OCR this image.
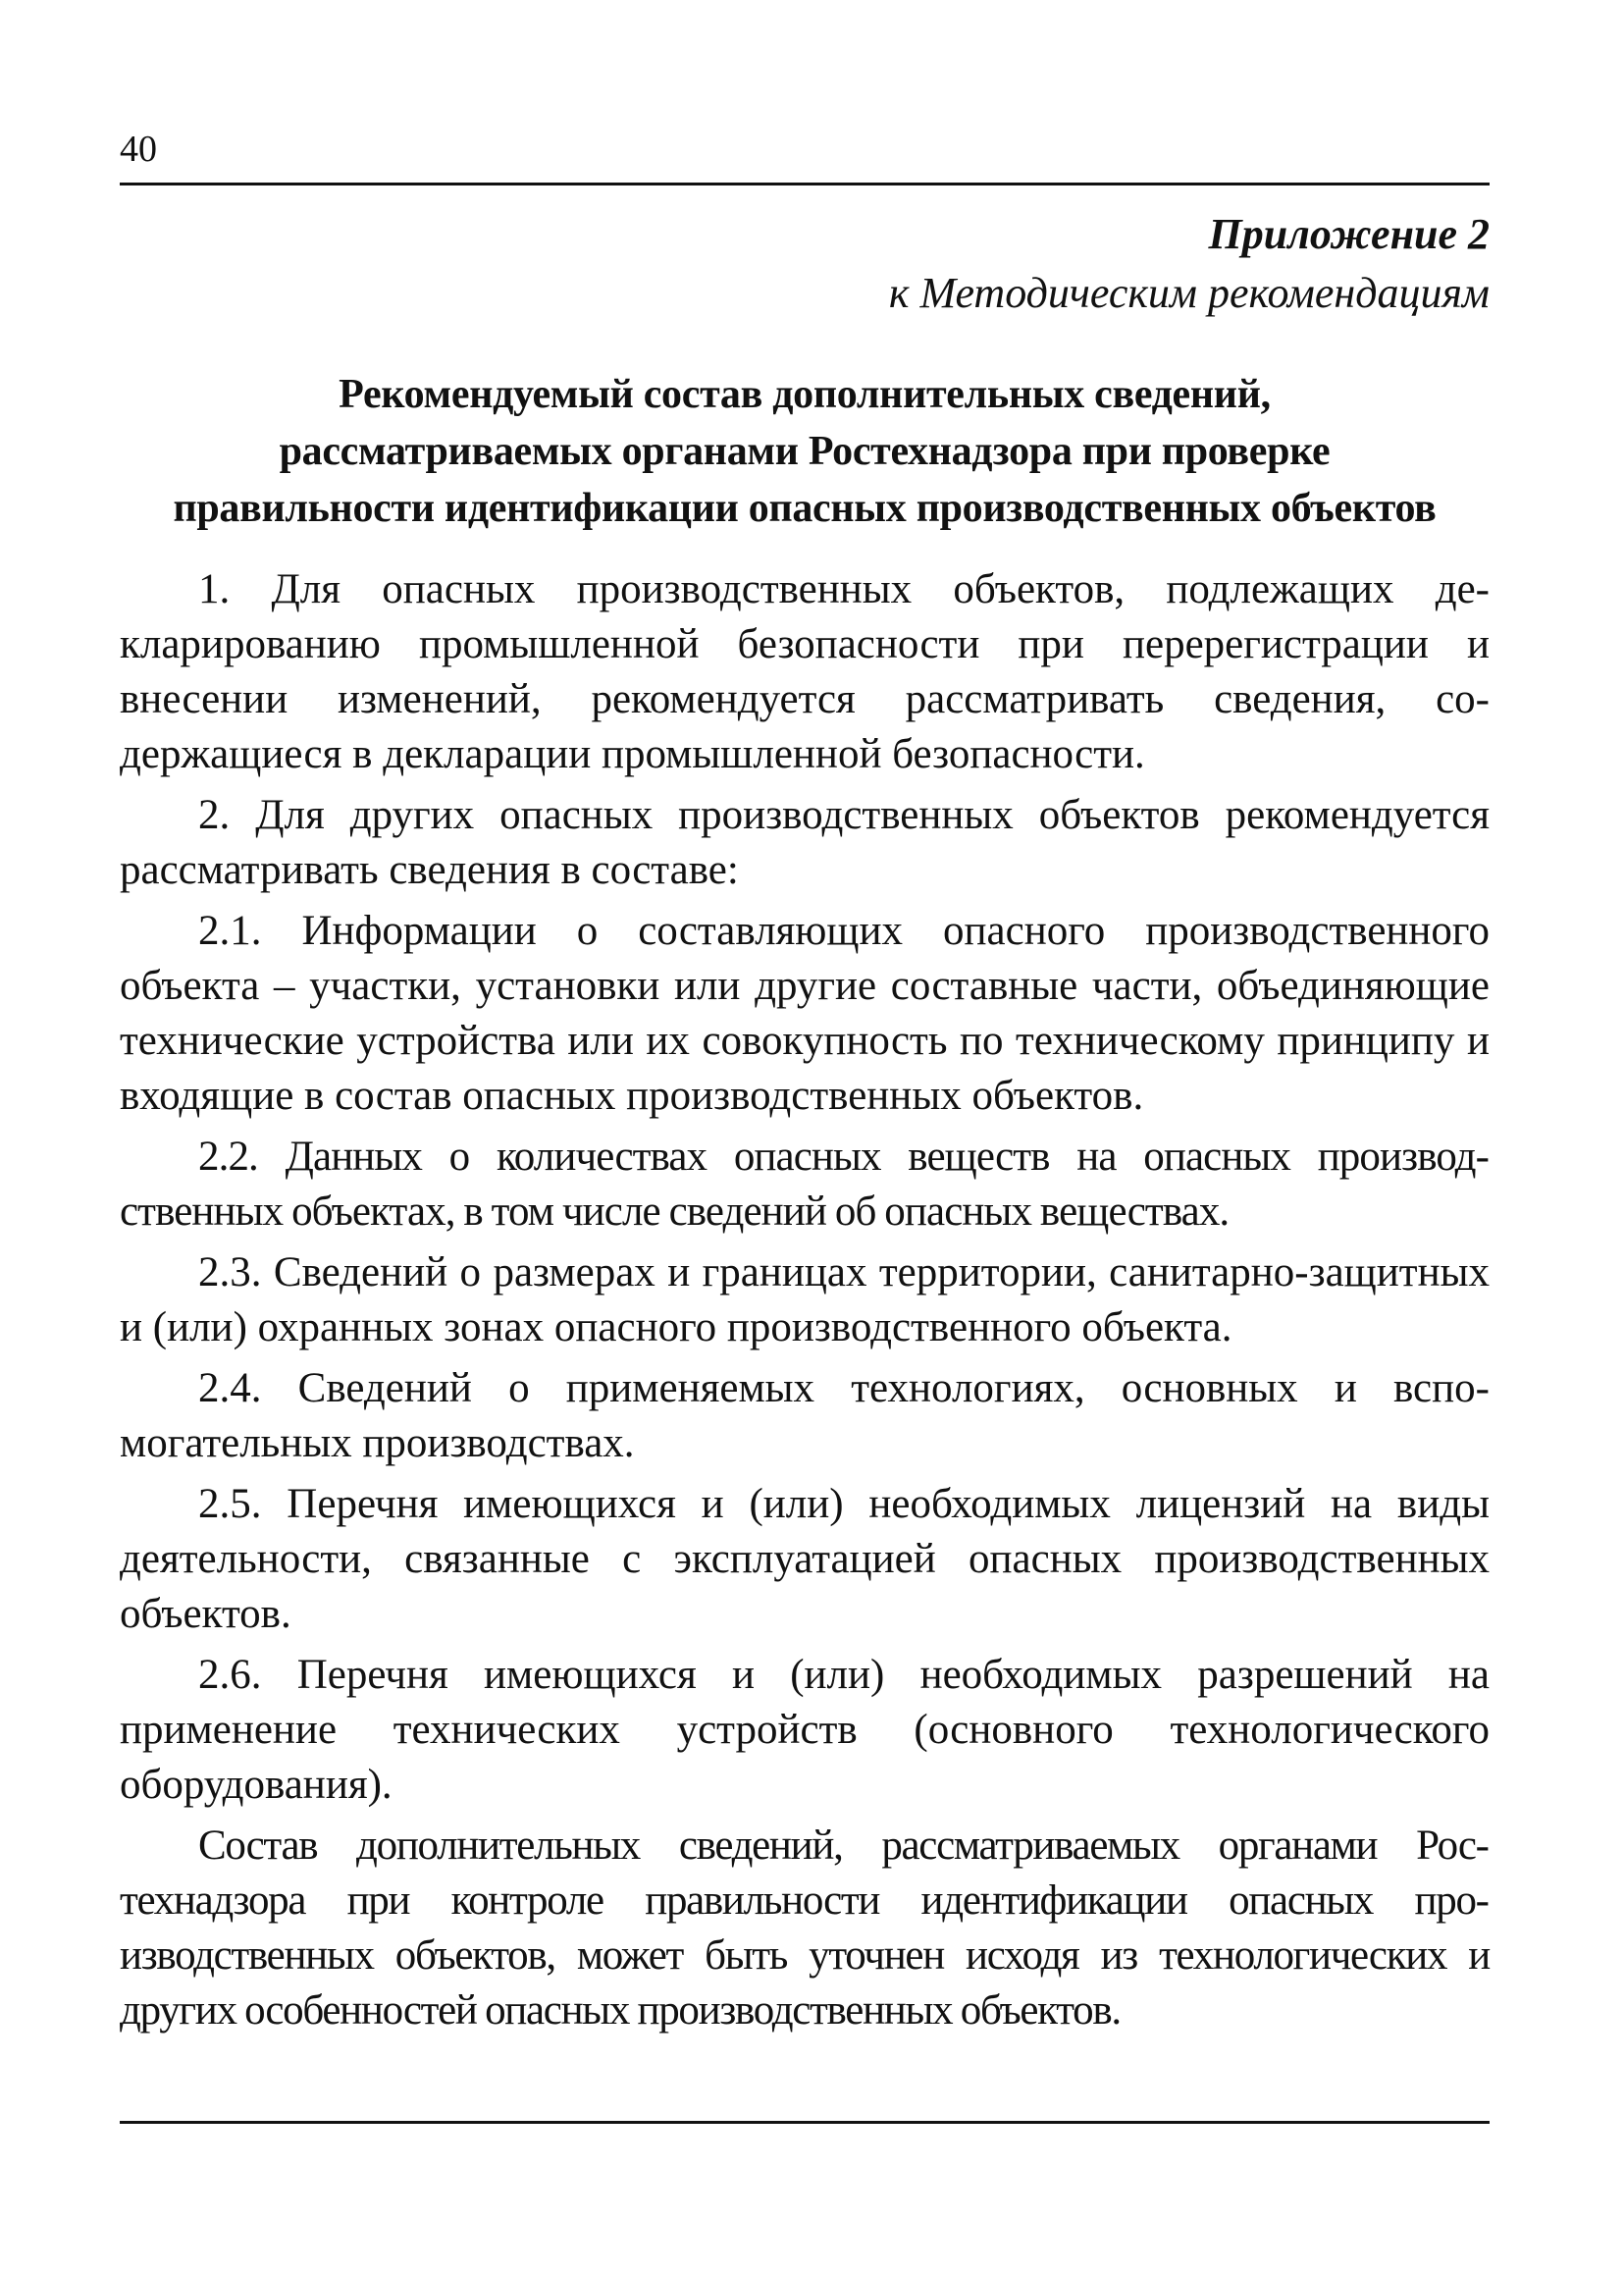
40
Приложение 2
к Методическим рекомендациям
Рекомендуемый состав дополнительных сведений,
рассматриваемых органами Ростехнадзора при проверке
правильности идентификации опасных производственных объектов

1. Для опасных производственных объектов, подлежащих декларированию промышленной безопасности при перерегистрации и внесении изменений, рекомендуется рассматривать сведения, содержащиеся в декларации промышленной безопасности.

2. Для других опасных производственных объектов рекомендуется рассматривать сведения в составе:

2.1. Информации о составляющих опасного производственного объекта – участки, установки или другие составные части, объединяющие технические устройства или их совокупность по техническому принципу и входящие в состав опасных производственных объектов.

2.2. Данных о количествах опасных веществ на опасных производственных объектах, в том числе сведений об опасных веществах.

2.3. Сведений о размерах и границах территории, санитарно-защитных и (или) охранных зонах опасного производственного объекта.

2.4. Сведений о применяемых технологиях, основных и вспомогательных производствах.

2.5. Перечня имеющихся и (или) необходимых лицензий на виды деятельности, связанные с эксплуатацией опасных производственных объектов.

2.6. Перечня имеющихся и (или) необходимых разрешений на применение технических устройств (основного технологического оборудования).

Состав дополнительных сведений, рассматриваемых органами Ростехнадзора при контроле правильности идентификации опасных производственных объектов, может быть уточнен исходя из технологических и других особенностей опасных производственных объектов.
